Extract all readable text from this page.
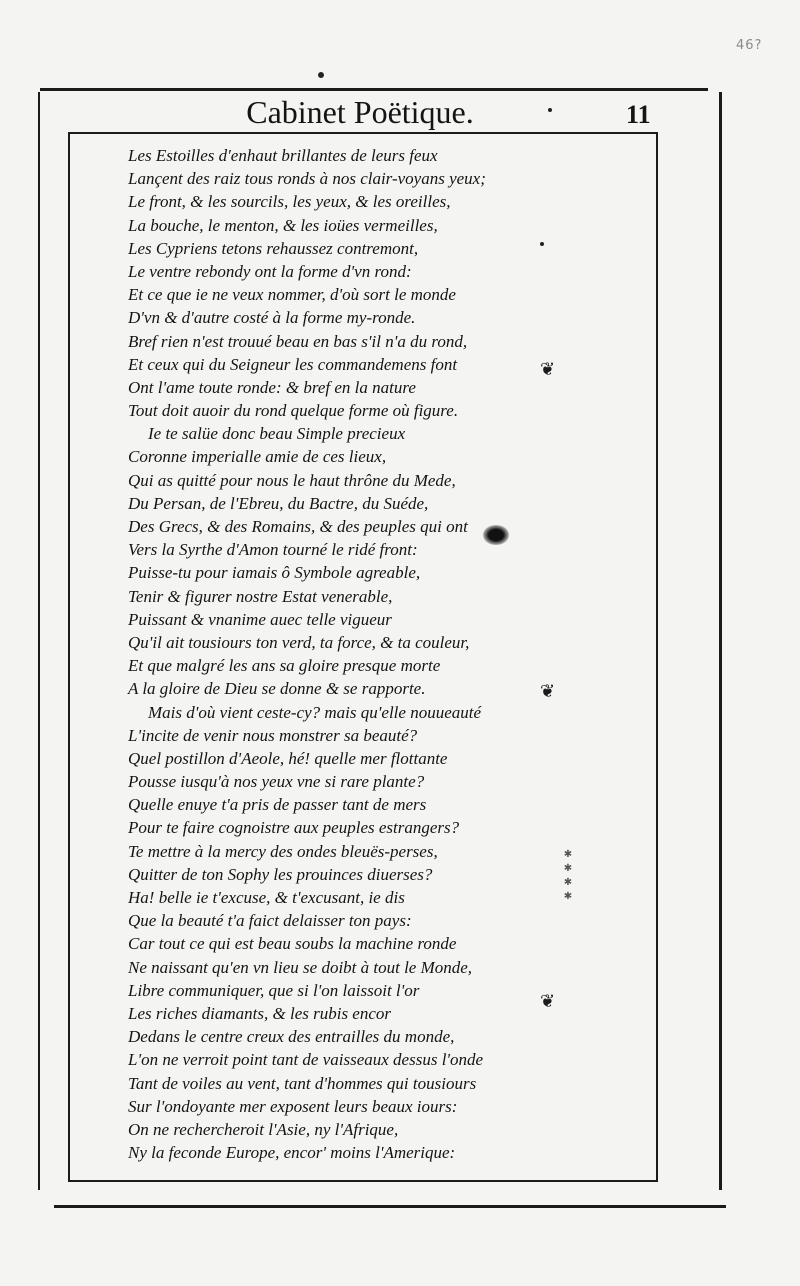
46?
Cabinet Poëtique.	11
Les Estoilles d'enhaut brillantes de leurs feux
Lançent des raiz tous ronds à nos clair-voyans yeux;
Le front, & les sourcils, les yeux, & les oreilles,
La bouche, le menton, & les ioües vermeilles,
Les Cypriens tetons rehaussez contremont,
Le ventre rebondy ont la forme d'vn rond:
Et ce que ie ne veux nommer, d'où sort le monde
D'vn & d'autre costé à la forme my-ronde.
Bref rien n'est trouué beau en bas s'il n'a du rond,
Et ceux qui du Seigneur les commandemens font
Ont l'ame toute ronde: & bref en la nature
Tout doit auoir du rond quelque forme où figure.
Ie te salüe donc beau Simple precieux
Coronne imperialle amie de ces lieux,
Qui as quitté pour nous le haut thrône du Mede,
Du Persan, de l'Ebreu, du Bactre, du Suéde,
Des Grecs, & des Romains, & des peuples qui ont
Vers la Syrthe d'Amon tourné le ridé front:
Puisse-tu pour iamais ô Symbole agreable,
Tenir & figurer nostre Estat venerable,
Puissant & vnanime auec telle vigueur
Qu'il ait tousiours ton verd, ta force, & ta couleur,
Et que malgré les ans sa gloire presque morte
A la gloire de Dieu se donne & se rapporte.
Mais d'où vient ceste-cy? mais qu'elle nouueauté
L'incite de venir nous monstrer sa beauté?
Quel postillon d'Aeole, hé! quelle mer flottante
Pousse iusqu'à nos yeux vne si rare plante?
Quelle enuye t'a pris de passer tant de mers
Pour te faire cognoistre aux peuples estrangers?
Te mettre à la mercy des ondes bleuës-perses,
Quitter de ton Sophy les prouinces diuerses?
Ha! belle ie t'excuse, & t'excusant, ie dis
Que la beauté t'a faict delaisser ton pays:
Car tout ce qui est beau soubs la machine ronde
Ne naissant qu'en vn lieu se doibt à tout le Monde,
Libre communiquer, que si l'on laissoit l'or
Les riches diamants, & les rubis encor
Dedans le centre creux des entrailles du monde,
L'on ne verroit point tant de vaisseaux dessus l'onde
Tant de voiles au vent, tant d'hommes qui tousiours
Sur l'ondoyante mer exposent leurs beaux iours:
On ne rechercheroit l'Asie, ny l'Afrique,
Ny la feconde Europe, encor' moins l'Amerique:
❦
❦
❦
✱ ✱ ✱ ✱
